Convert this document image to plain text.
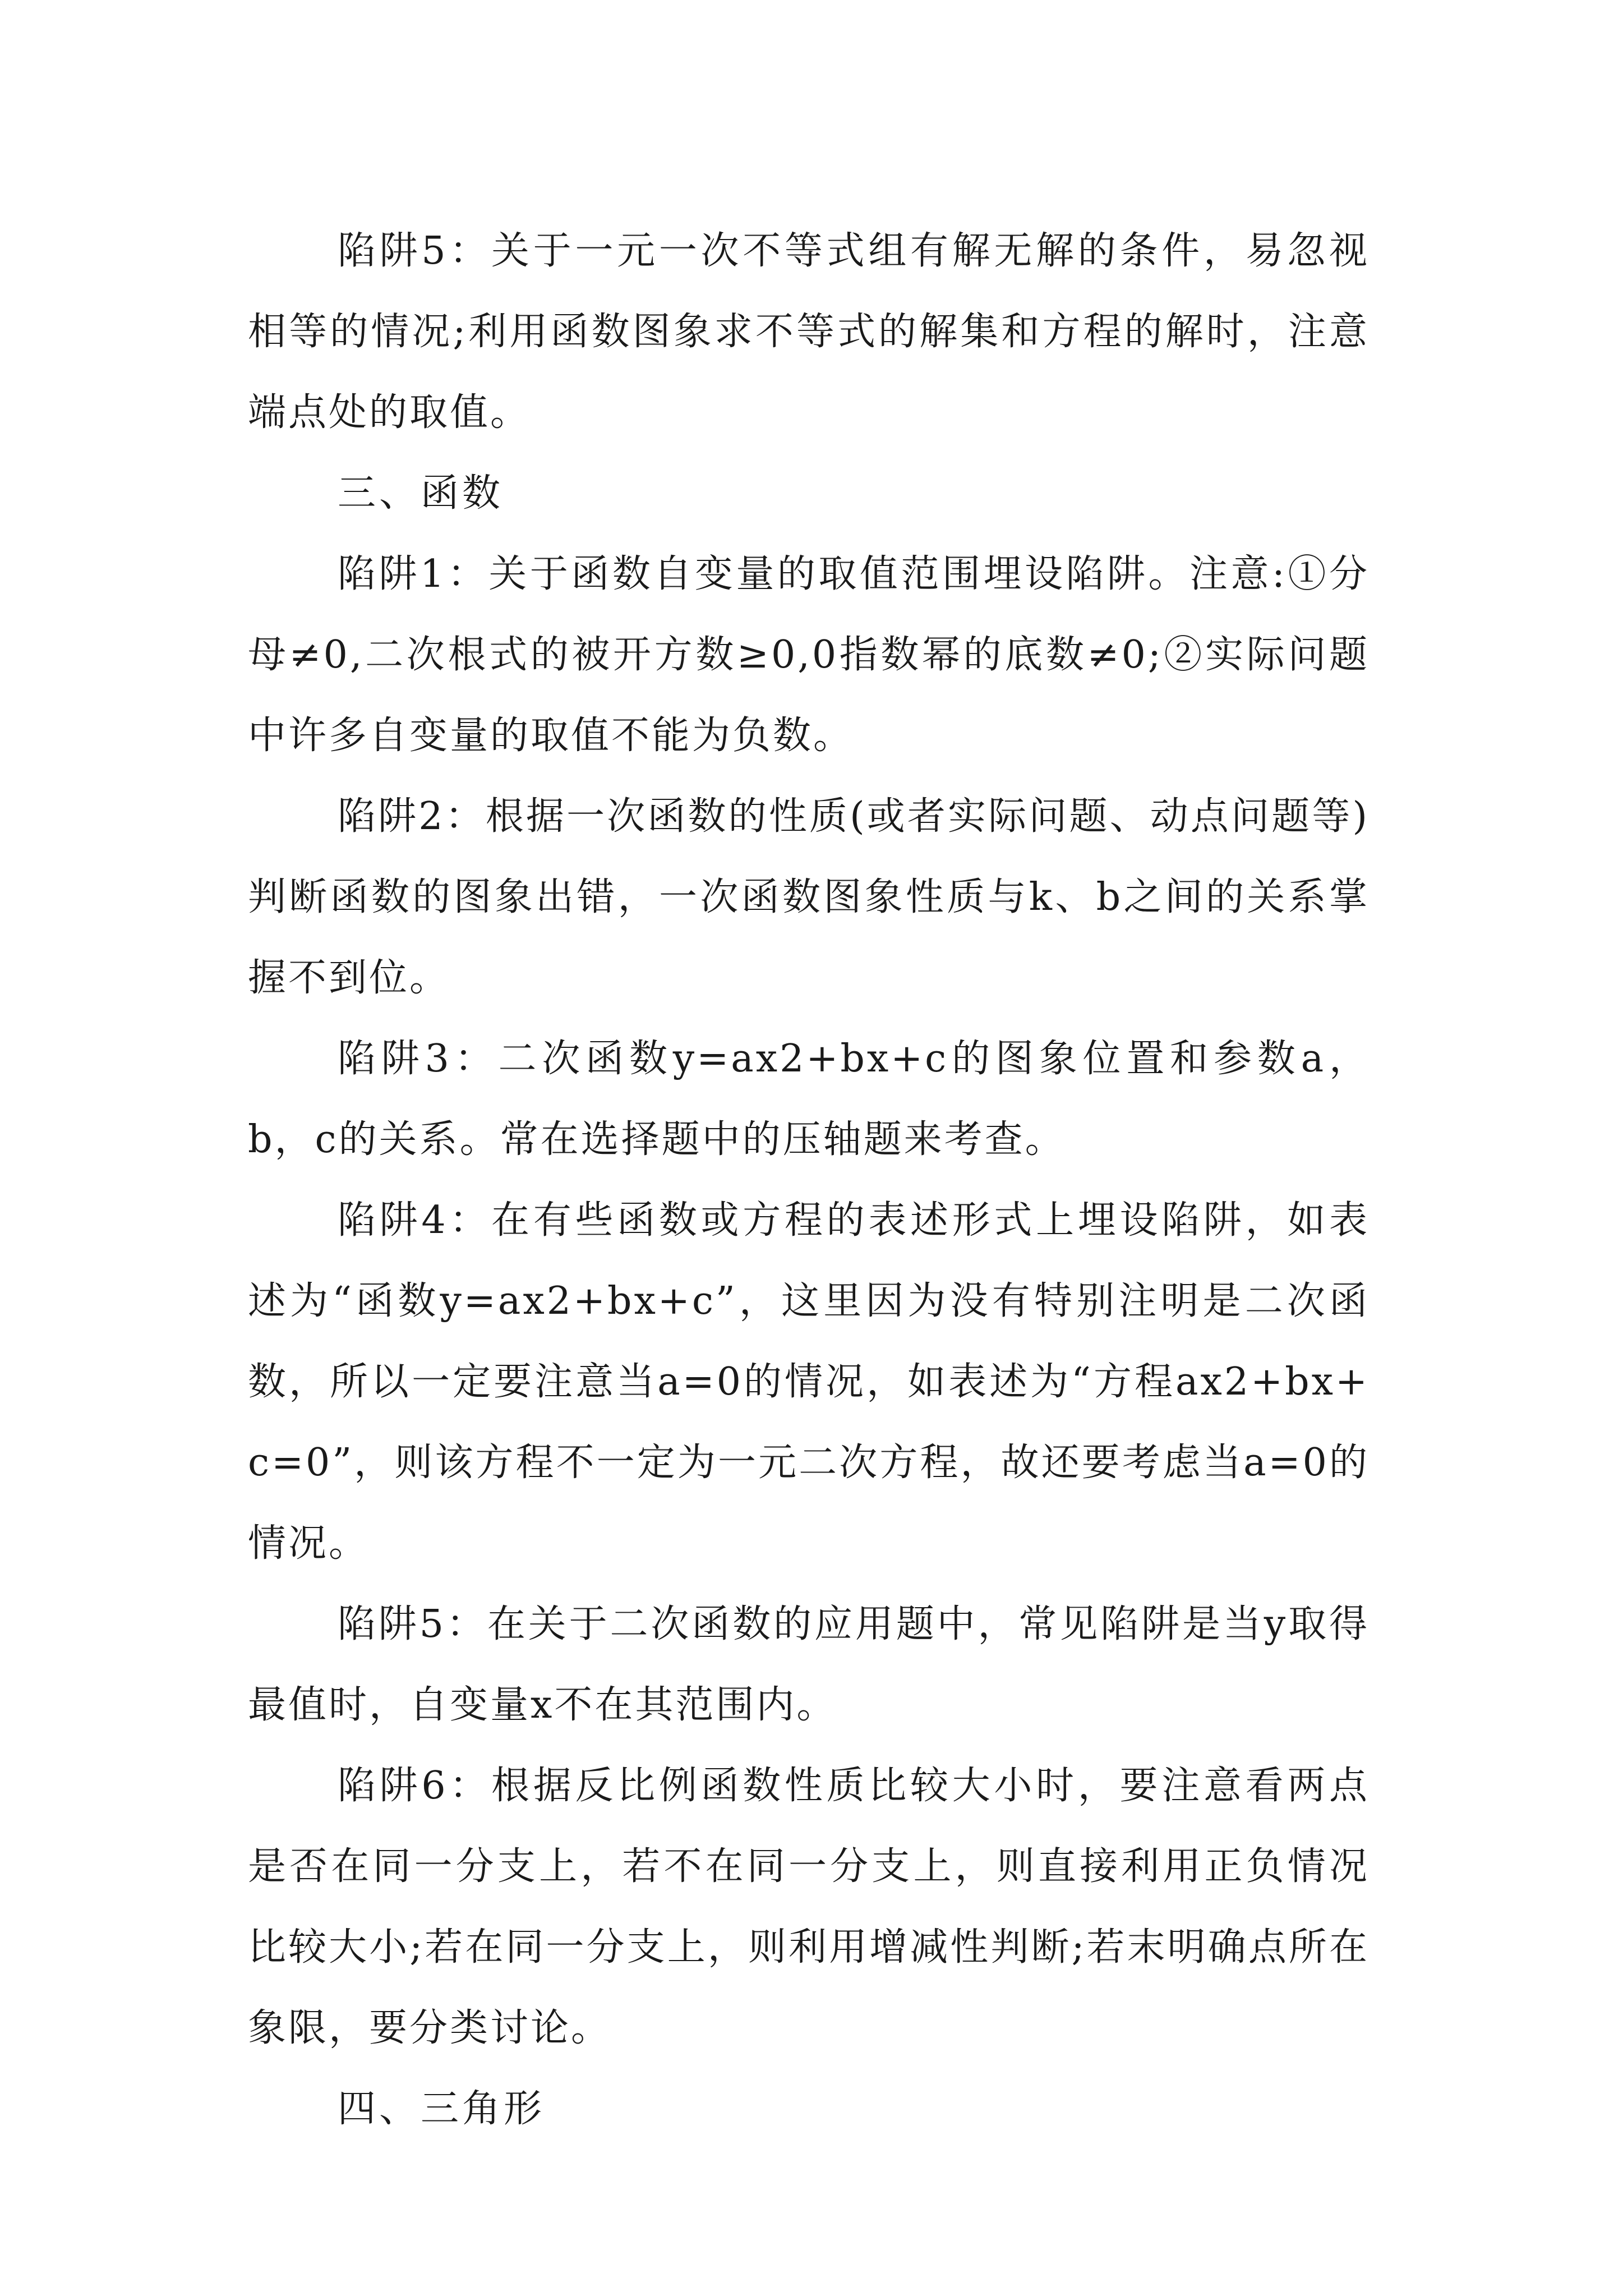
陷阱5：关于一元一次不等式组有解无解的条件，易忽视相等的情况;利用函数图象求不等式的解集和方程的解时，注意端点处的取值。

三、函数

陷阱1：关于函数自变量的取值范围埋设陷阱。注意:①分母≠0,二次根式的被开方数≥0,0指数幂的底数≠0;②实际问题中许多自变量的取值不能为负数。

陷阱2：根据一次函数的性质(或者实际问题、动点问题等)判断函数的图象出错，一次函数图象性质与k、b之间的关系掌握不到位。

陷阱3：二次函数y=ax2+bx+c的图象位置和参数a，b，c的关系。常在选择题中的压轴题来考查。

陷阱4：在有些函数或方程的表述形式上埋设陷阱，如表述为“函数y=ax2+bx+c”，这里因为没有特别注明是二次函数，所以一定要注意当a=0的情况，如表述为“方程ax2+bx+c=0”，则该方程不一定为一元二次方程，故还要考虑当a=0的情况。

陷阱5：在关于二次函数的应用题中，常见陷阱是当y取得最值时，自变量x不在其范围内。

陷阱6：根据反比例函数性质比较大小时，要注意看两点是否在同一分支上，若不在同一分支上，则直接利用正负情况比较大小;若在同一分支上，则利用增减性判断;若末明确点所在象限，要分类讨论。

四、三角形
